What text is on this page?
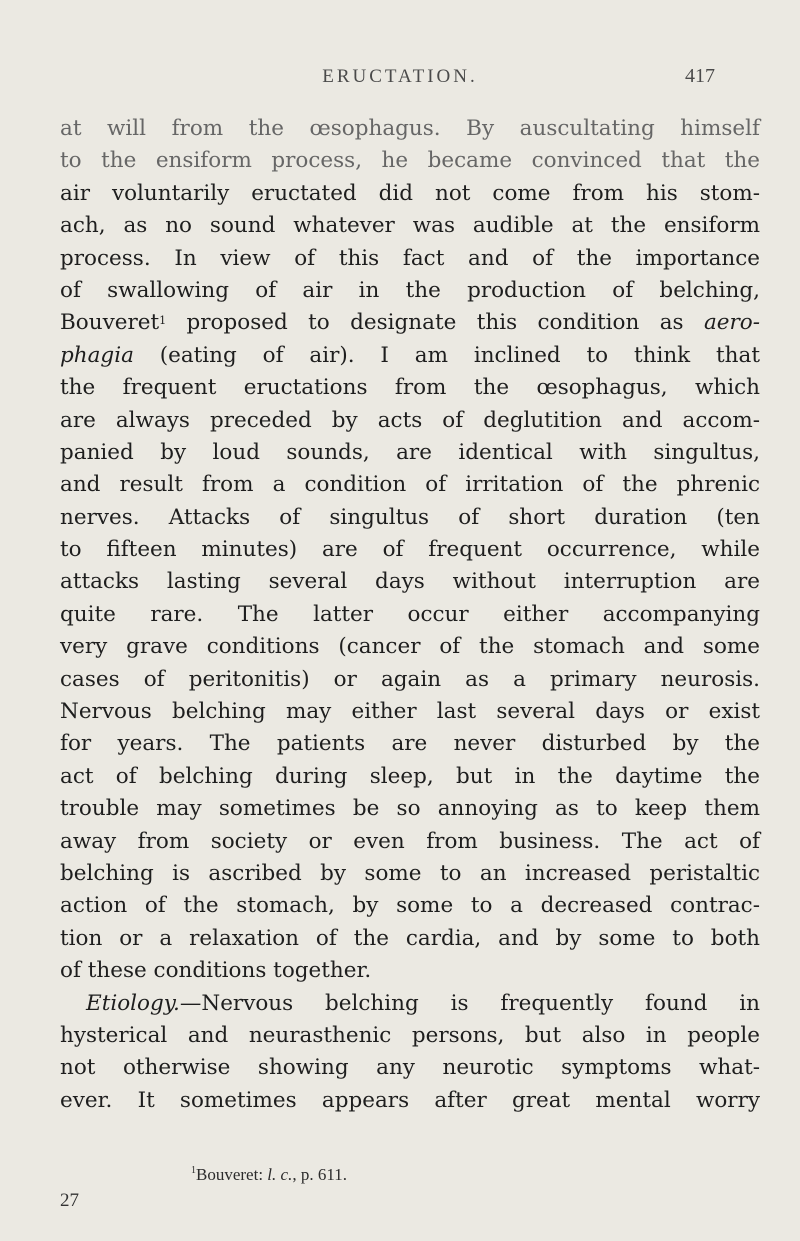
ERUCTATION.	417
at will from the œsophagus. By auscultating himself
to the ensiform process, he became convinced that the
air voluntarily eructated did not come from his stom-
ach, as no sound whatever was audible at the ensiform
process. In view of this fact and of the importance
of swallowing of air in the production of belching,
Bouveret$^1$ proposed to designate this condition as aero-
phagia (eating of air). I am inclined to think that
the frequent eructations from the œsophagus, which
are always preceded by acts of deglutition and accom-
panied by loud sounds, are identical with singultus,
and result from a condition of irritation of the phrenic
nerves. Attacks of singultus of short duration (ten
to fifteen minutes) are of frequent occurrence, while
attacks lasting several days without interruption are
quite rare. The latter occur either accompanying
very grave conditions (cancer of the stomach and some
cases of peritonitis) or again as a primary neurosis.
Nervous belching may either last several days or exist
for years. The patients are never disturbed by the
act of belching during sleep, but in the daytime the
trouble may sometimes be so annoying as to keep them
away from society or even from business. The act of
belching is ascribed by some to an increased peristaltic
action of the stomach, by some to a decreased contrac-
tion or a relaxation of the cardia, and by some to both
of these conditions together.
Etiology.—Nervous belching is frequently found in
hysterical and neurasthenic persons, but also in people
not otherwise showing any neurotic symptoms what-
ever. It sometimes appears after great mental worry
$^1$Bouveret: l. c., p. 611.
27
